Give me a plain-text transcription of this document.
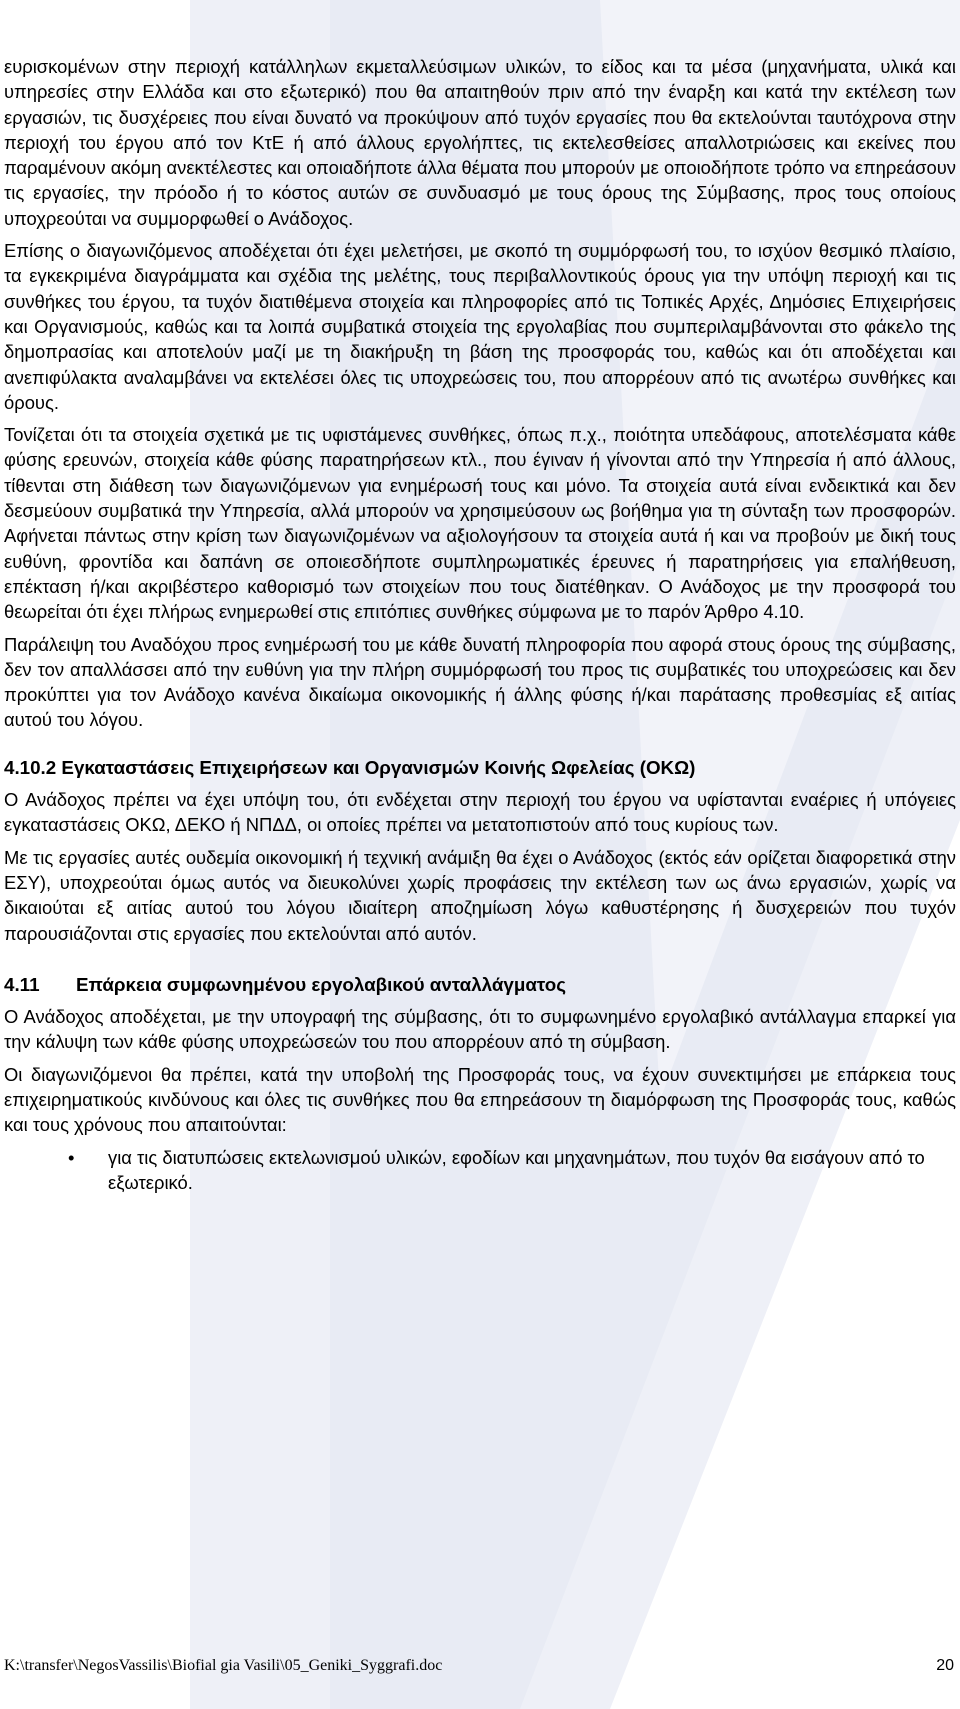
ευρισκομένων στην περιοχή κατάλληλων εκμεταλλεύσιμων υλικών, το είδος και τα μέσα (μηχανήματα, υλικά και υπηρεσίες στην Ελλάδα και στο εξωτερικό) που θα απαιτηθούν πριν από την έναρξη και κατά την εκτέλεση των εργασιών, τις δυσχέρειες που είναι δυνατό να προκύψουν από τυχόν εργασίες που θα εκτελούνται ταυτόχρονα στην περιοχή του έργου από τον ΚτΕ ή από άλλους εργολήπτες, τις εκτελεσθείσες απαλλοτριώσεις και εκείνες που παραμένουν ακόμη ανεκτέλεστες και οποιαδήποτε άλλα θέματα που μπορούν με οποιοδήποτε τρόπο να επηρεάσουν τις εργασίες, την πρόοδο ή το κόστος αυτών σε συνδυασμό με τους όρους της Σύμβασης, προς τους οποίους υποχρεούται να συμμορφωθεί ο Ανάδοχος.

Επίσης ο διαγωνιζόμενος αποδέχεται ότι έχει μελετήσει, με σκοπό τη συμμόρφωσή του, το ισχύον θεσμικό πλαίσιο, τα εγκεκριμένα διαγράμματα και σχέδια της μελέτης, τους περιβαλλοντικούς όρους για την υπόψη περιοχή και τις συνθήκες του έργου, τα τυχόν διατιθέμενα στοιχεία και πληροφορίες από τις Τοπικές Αρχές, Δημόσιες Επιχειρήσεις και Οργανισμούς, καθώς και τα λοιπά συμβατικά στοιχεία της εργολαβίας που συμπεριλαμβάνονται στο φάκελο της δημοπρασίας και αποτελούν μαζί με τη διακήρυξη τη βάση της προσφοράς του, καθώς και ότι αποδέχεται και ανεπιφύλακτα αναλαμβάνει να εκτελέσει όλες τις υποχρεώσεις του, που απορρέουν από τις ανωτέρω συνθήκες και όρους.

Τονίζεται ότι τα στοιχεία σχετικά με τις υφιστάμενες συνθήκες, όπως π.χ., ποιότητα υπεδάφους, αποτελέσματα κάθε φύσης ερευνών, στοιχεία κάθε φύσης παρατηρήσεων κτλ., που έγιναν ή γίνονται από την Υπηρεσία ή από άλλους, τίθενται στη διάθεση των διαγωνιζόμενων για ενημέρωσή τους και μόνο. Τα στοιχεία αυτά είναι ενδεικτικά και δεν δεσμεύουν συμβατικά την Υπηρεσία, αλλά μπορούν να χρησιμεύσουν ως βοήθημα για τη σύνταξη των προσφορών. Αφήνεται πάντως στην κρίση των διαγωνιζομένων να αξιολογήσουν τα στοιχεία αυτά ή και να προβούν με δική τους ευθύνη, φροντίδα και δαπάνη σε οποιεσδήποτε συμπληρωματικές έρευνες ή παρατηρήσεις για επαλήθευση, επέκταση ή/και ακριβέστερο καθορισμό των στοιχείων που τους διατέθηκαν. Ο Ανάδοχος με την προσφορά του θεωρείται ότι έχει πλήρως ενημερωθεί στις επιτόπιες συνθήκες σύμφωνα με το παρόν Άρθρο 4.10.

Παράλειψη του Αναδόχου προς ενημέρωσή του με κάθε δυνατή πληροφορία που αφορά στους όρους της σύμβασης, δεν τον απαλλάσσει από την ευθύνη για την πλήρη συμμόρφωσή του προς τις συμβατικές του υποχρεώσεις και δεν προκύπτει για τον Ανάδοχο κανένα δικαίωμα οικονομικής ή άλλης φύσης ή/και παράτασης προθεσμίας εξ αιτίας αυτού του λόγου.

4.10.2 Εγκαταστάσεις Επιχειρήσεων και Οργανισμών Κοινής Ωφελείας (ΟΚΩ)

Ο Ανάδοχος πρέπει να έχει υπόψη του, ότι ενδέχεται στην περιοχή του έργου να υφίστανται εναέριες ή υπόγειες εγκαταστάσεις ΟΚΩ, ΔΕΚΟ ή ΝΠΔΔ, οι οποίες πρέπει να μετατοπιστούν από τους κυρίους των.

Με τις εργασίες αυτές ουδεμία οικονομική ή τεχνική ανάμιξη θα έχει ο Ανάδοχος (εκτός εάν ορίζεται διαφορετικά στην ΕΣΥ), υποχρεούται όμως αυτός να διευκολύνει χωρίς προφάσεις την εκτέλεση των ως άνω εργασιών, χωρίς να δικαιούται εξ αιτίας αυτού του λόγου ιδιαίτερη αποζημίωση λόγω καθυστέρησης ή δυσχερειών που τυχόν παρουσιάζονται στις εργασίες που εκτελούνται από αυτόν.

4.11 Επάρκεια συμφωνημένου εργολαβικού ανταλλάγματος

Ο Ανάδοχος αποδέχεται, με την υπογραφή της σύμβασης, ότι το συμφωνημένο εργολαβικό αντάλλαγμα επαρκεί για την κάλυψη των κάθε φύσης υποχρεώσεών του που απορρέουν από τη σύμβαση.

Οι διαγωνιζόμενοι θα πρέπει, κατά την υποβολή της Προσφοράς τους, να έχουν συνεκτιμήσει με επάρκεια τους επιχειρηματικούς κινδύνους και όλες τις συνθήκες που θα επηρεάσουν τη διαμόρφωση της Προσφοράς τους, καθώς και τους χρόνους που απαιτούνται:

• για τις διατυπώσεις εκτελωνισμού υλικών, εφοδίων και μηχανημάτων, που τυχόν θα εισάγουν από το εξωτερικό.
K:\transfer\NegosVassilis\Biofial gia Vasili\05_Geniki_Syggrafi.doc	20
